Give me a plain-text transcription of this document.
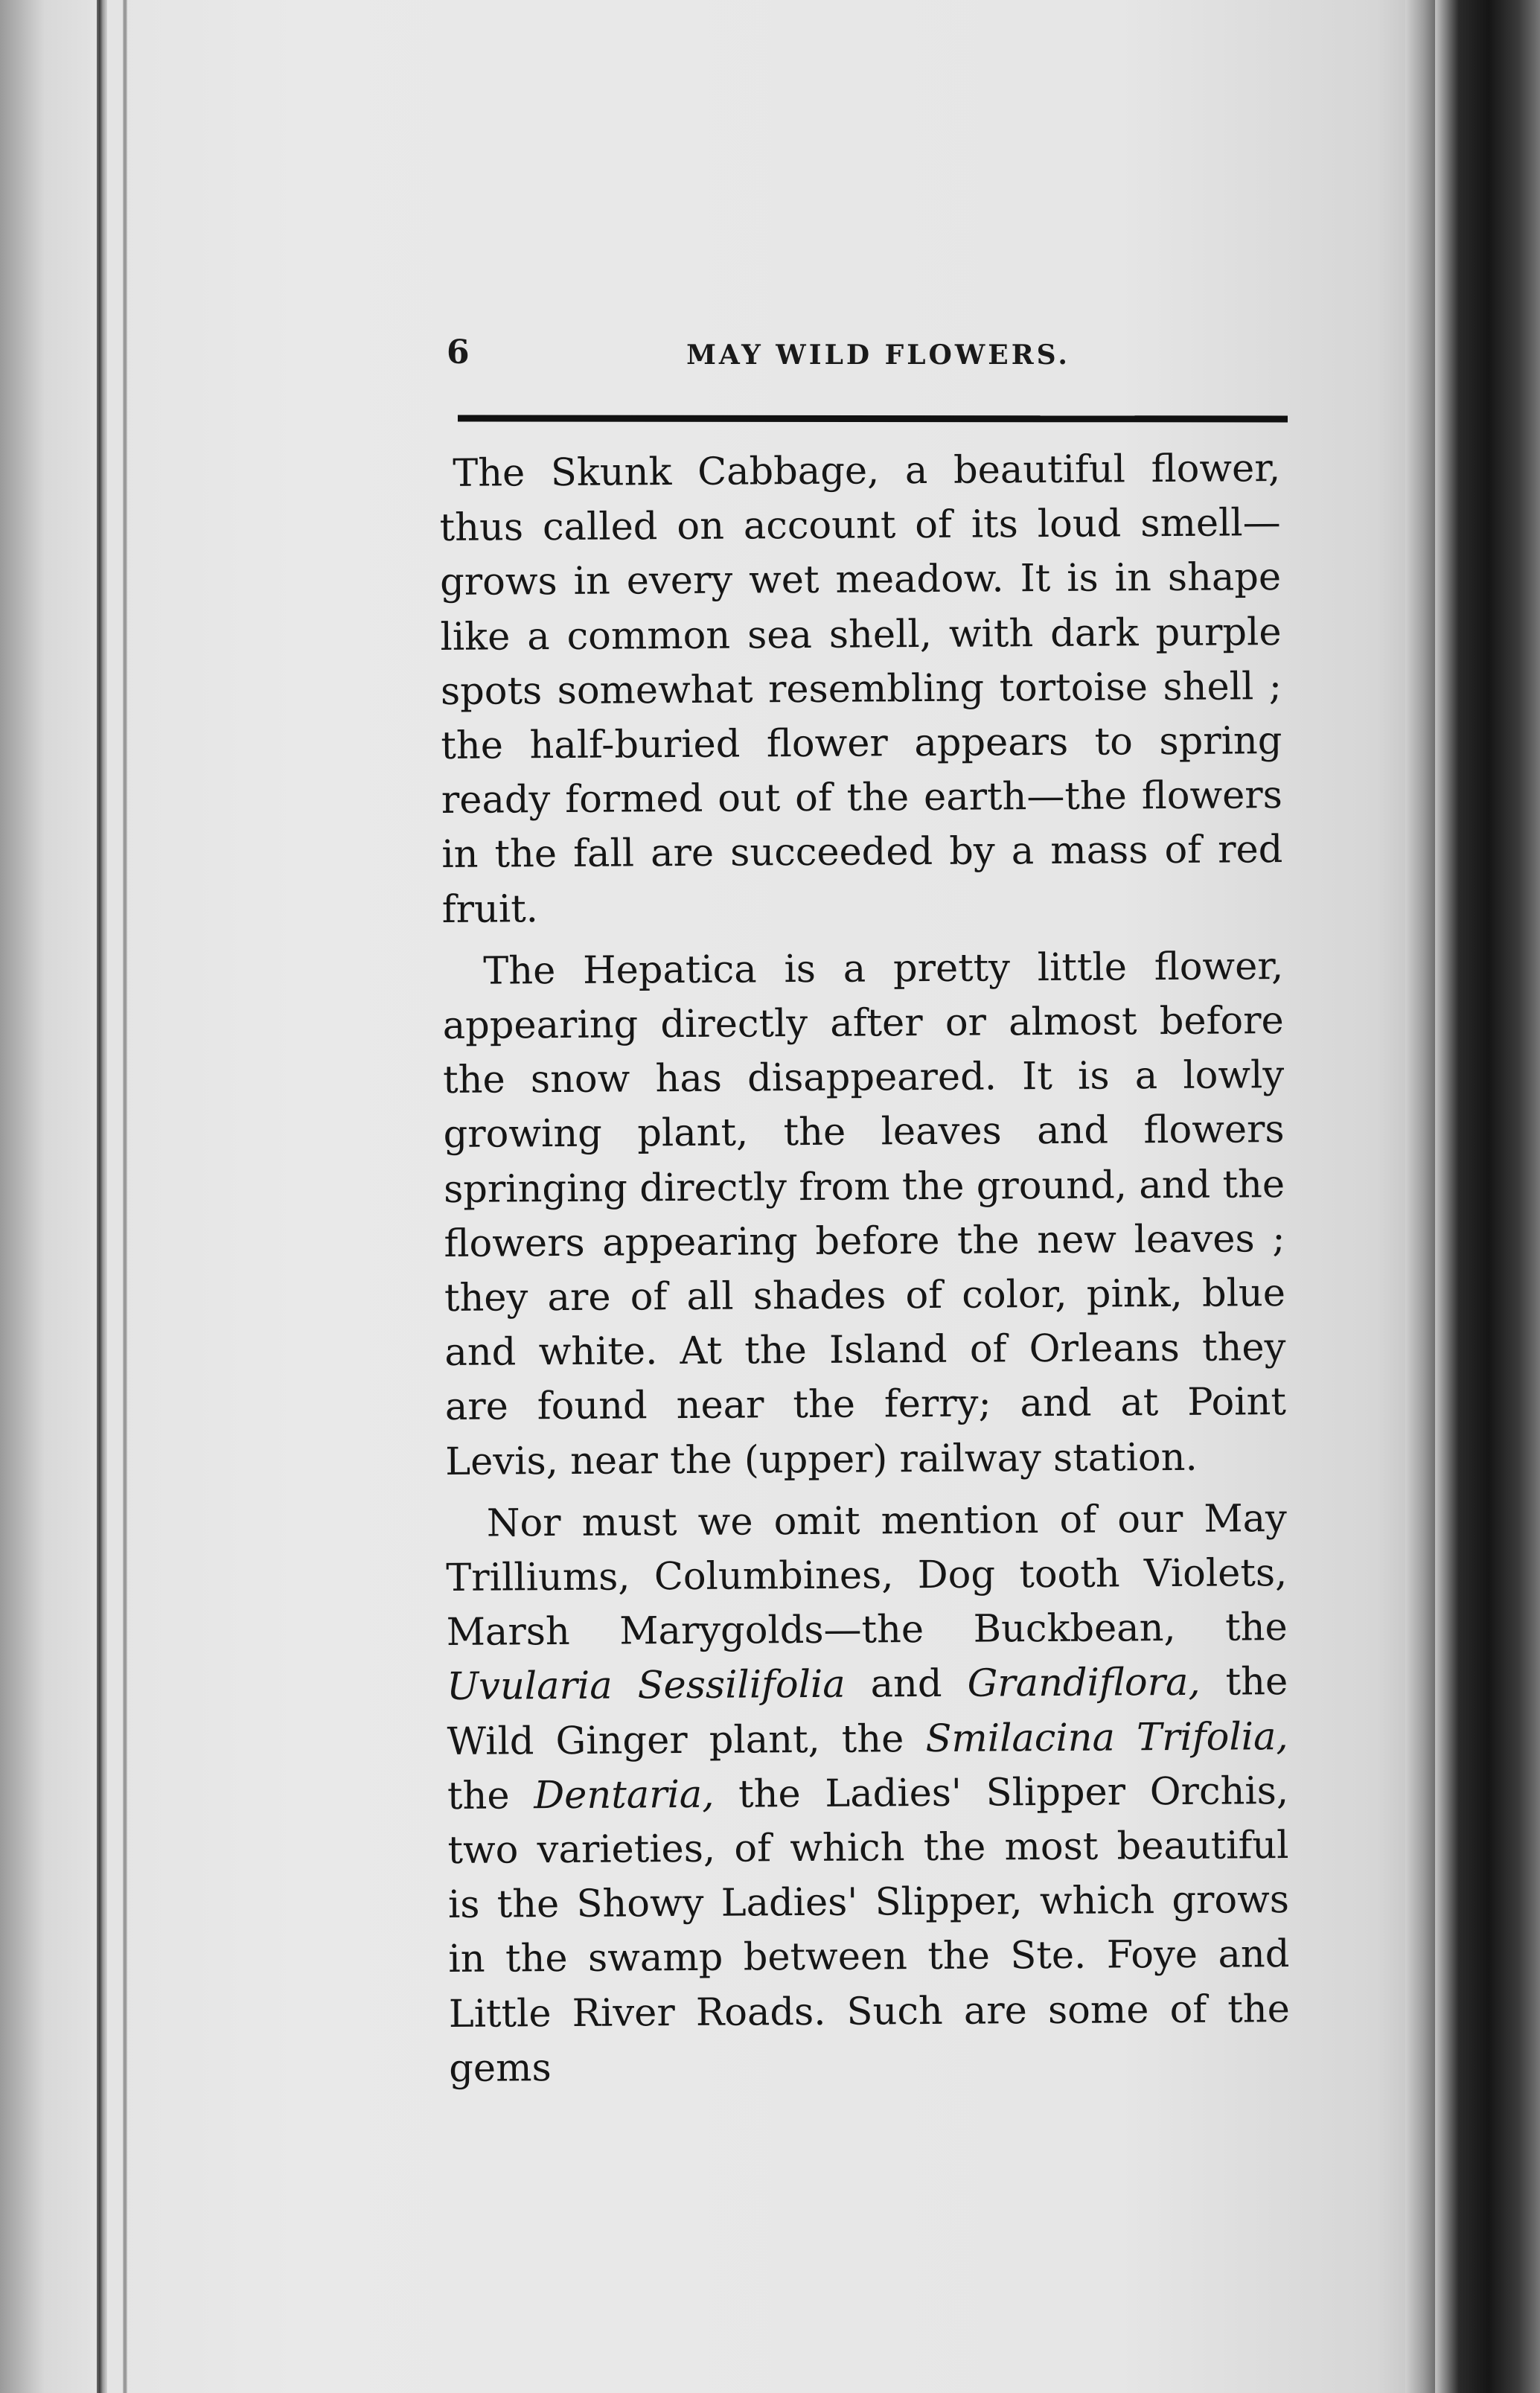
6	MAY WILD FLOWERS.

The Skunk Cabbage, a beautiful flower, thus called on account of its loud smell— grows in every wet meadow. It is in shape like a common sea shell, with dark purple spots somewhat resembling tortoise shell ; the half-buried flower appears to spring ready formed out of the earth—the flowers in the fall are succeeded by a mass of red fruit.

The Hepatica is a pretty little flower, appearing directly after or almost before the snow has disappeared. It is a lowly growing plant, the leaves and flowers springing directly from the ground, and the flowers appearing before the new leaves ; they are of all shades of color, pink, blue and white. At the Island of Orleans they are found near the ferry; and at Point Levis, near the (upper) railway station.

Nor must we omit mention of our May Trilliums, Columbines, Dog tooth Violets, Marsh Marygolds—the Buckbean, the Uvularia Sessilifolia and Grandiflora, the Wild Ginger plant, the Smilacina Trifolia, the Dentaria, the Ladies' Slipper Orchis, two varieties, of which the most beautiful is the Showy Ladies' Slipper, which grows in the swamp between the Ste. Foye and Little River Roads. Such are some of the gems
